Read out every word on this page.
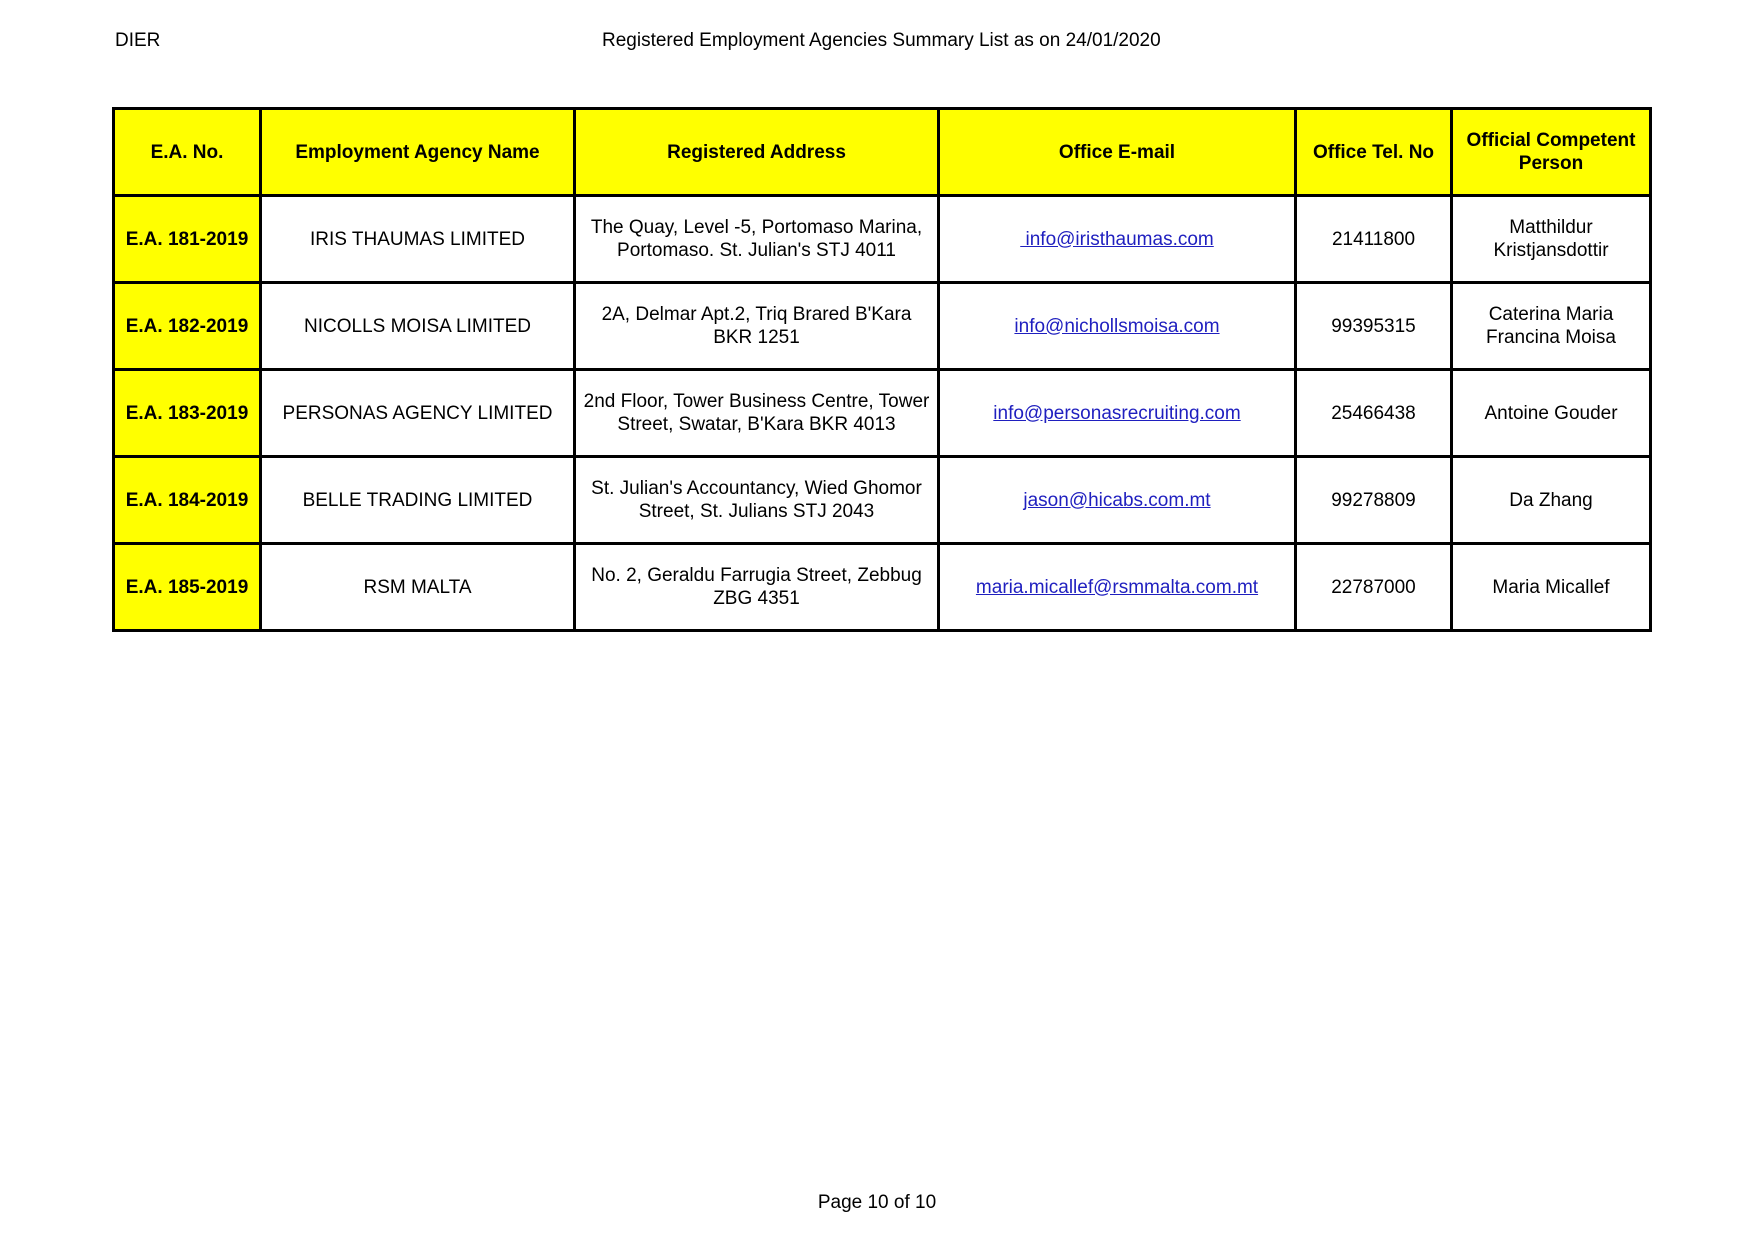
DIER	Registered Employment Agencies Summary List as on 24/01/2020
E.A. No.	Employment Agency Name	Registered Address	Office E-mail	Office Tel. No	Official Competent Person
E.A. 181-2019	IRIS THAUMAS LIMITED	The Quay, Level -5, Portomaso Marina, Portomaso. St. Julian's STJ 4011	info@iristhaumas.com	21411800	Matthildur Kristjansdottir
E.A. 182-2019	NICOLLS MOISA LIMITED	2A, Delmar Apt.2, Triq Brared B'Kara BKR 1251	info@nichollsmoisa.com	99395315	Caterina Maria Francina Moisa
E.A. 183-2019	PERSONAS AGENCY LIMITED	2nd Floor, Tower Business Centre, Tower Street, Swatar, B'Kara BKR 4013	info@personasrecruiting.com	25466438	Antoine Gouder
E.A. 184-2019	BELLE TRADING LIMITED	St. Julian's Accountancy, Wied Ghomor Street, St. Julians STJ 2043	jason@hicabs.com.mt	99278809	Da Zhang
E.A. 185-2019	RSM MALTA	No. 2, Geraldu Farrugia Street, Zebbug ZBG 4351	maria.micallef@rsmmalta.com.mt	22787000	Maria Micallef
Page 10 of 10
